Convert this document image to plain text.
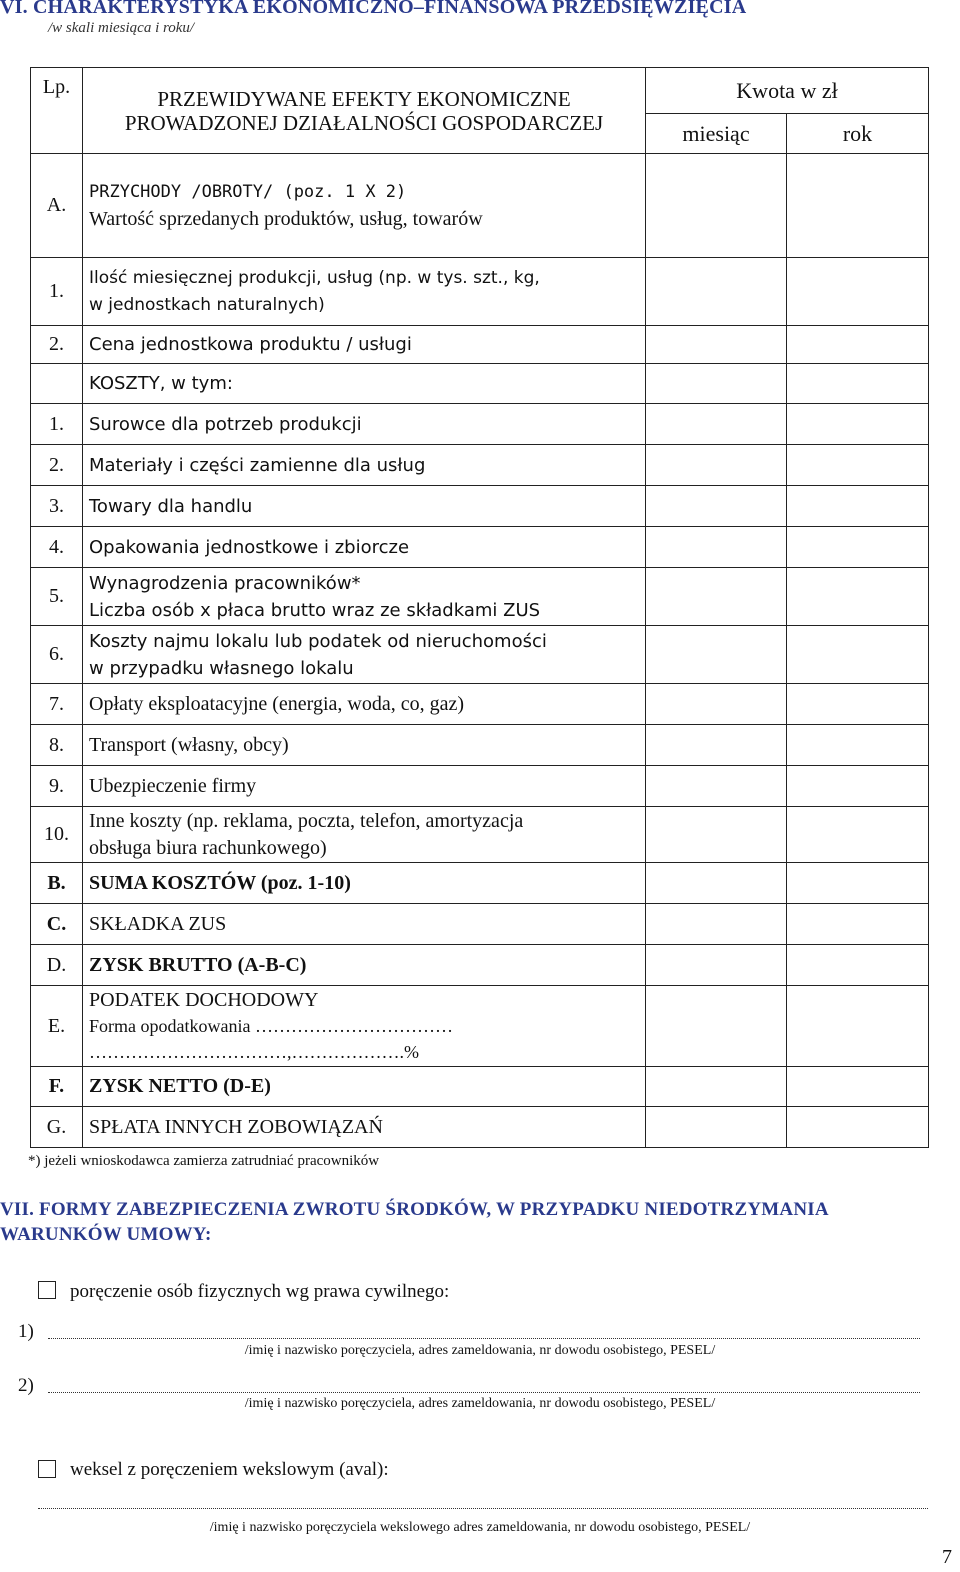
VI. CHARAKTERYSTYKA EKONOMICZNO–FINANSOWA PRZEDSIĘWZIĘCIA
/w skali miesiąca i roku/
Lp.	PRZEWIDYWANE EFEKTY EKONOMICZNE PROWADZONEJ DZIAŁALNOŚCI GOSPODARCZEJ	Kwota w zł	
		miesiąc	rok
A.	PRZYCHODY /OBROTY/ (poz. 1 X 2)
Wartość sprzedanych produktów, usług, towarów		

1.	Ilość miesięcznej produkcji, usług (np. w tys. szt., kg,
w jednostkach naturalnych)		

2.	Cena jednostkowa produktu / usługi		
	KOSZTY, w tym:		
1.	Surowce dla potrzeb produkcji		
2.	Materiały i części zamienne dla usług		
3.	Towary dla handlu		
4.	Opakowania jednostkowe i zbiorcze		
5.	Wynagrodzenia pracowników*
Liczba osób x płaca brutto wraz ze składkami ZUS		

6.	Koszty najmu lokalu lub podatek od nieruchomości
w przypadku własnego lokalu		

7.	Opłaty eksploatacyjne (energia, woda, co, gaz)		
8.	Transport (własny, obcy)		
9.	Ubezpieczenie firmy		
10.	Inne koszty (np. reklama, poczta, telefon, amortyzacja
obsługa biura rachunkowego)		

B.	SUMA KOSZTÓW (poz. 1-10)		
C.	SKŁADKA ZUS		
D.	ZYSK BRUTTO (A-B-C)		
E.	PODATEK DOCHODOWY
Forma opodatkowania ……………………………
……………………………,……………….%		

F.	ZYSK NETTO (D-E)		
G.	SPŁATA INNYCH ZOBOWIĄZAŃ		
*) jeżeli wnioskodawca zamierza zatrudniać pracowników
VII. FORMY ZABEZPIECZENIA ZWROTU ŚRODKÓW, W PRZYPADKU NIEDOTRZYMANIA
WARUNKÓW UMOWY:
poręczenie osób fizycznych wg prawa cywilnego:
1)
/imię i nazwisko poręczyciela, adres zameldowania, nr dowodu osobistego, PESEL/
2)
/imię i nazwisko poręczyciela, adres zameldowania, nr dowodu osobistego, PESEL/
weksel z poręczeniem wekslowym (aval):
/imię i nazwisko poręczyciela wekslowego adres zameldowania, nr dowodu osobistego, PESEL/
7
